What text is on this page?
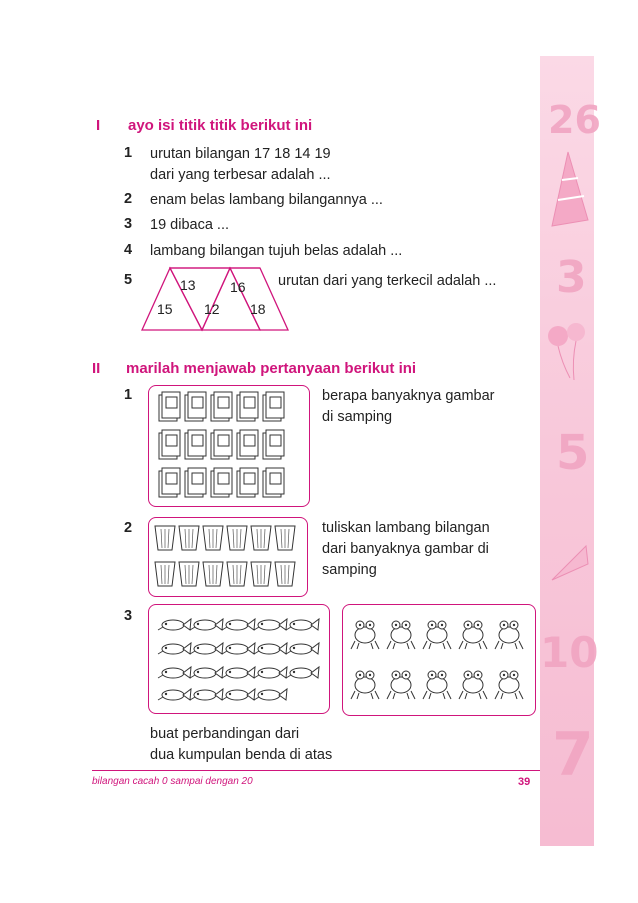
26
3
5
10
7
I ayo isi titik titik berikut ini
1 urutan bilangan 17 18 14 19
dari yang terbesar adalah ...
2 enam belas lambang bilangannya ...
3 19 dibaca ...
4 lambang bilangan tujuh belas adalah ...
5	urutan dari yang terkecil adalah ...
13 16
15 12 18
II marilah menjawab pertanyaan berikut ini
1	berapa banyaknya gambar
di samping
2	tuliskan lambang bilangan
dari banyaknya gambar di
samping
3
buat perbandingan dari
dua kumpulan benda di atas
bilangan cacah 0 sampai dengan 20	39
